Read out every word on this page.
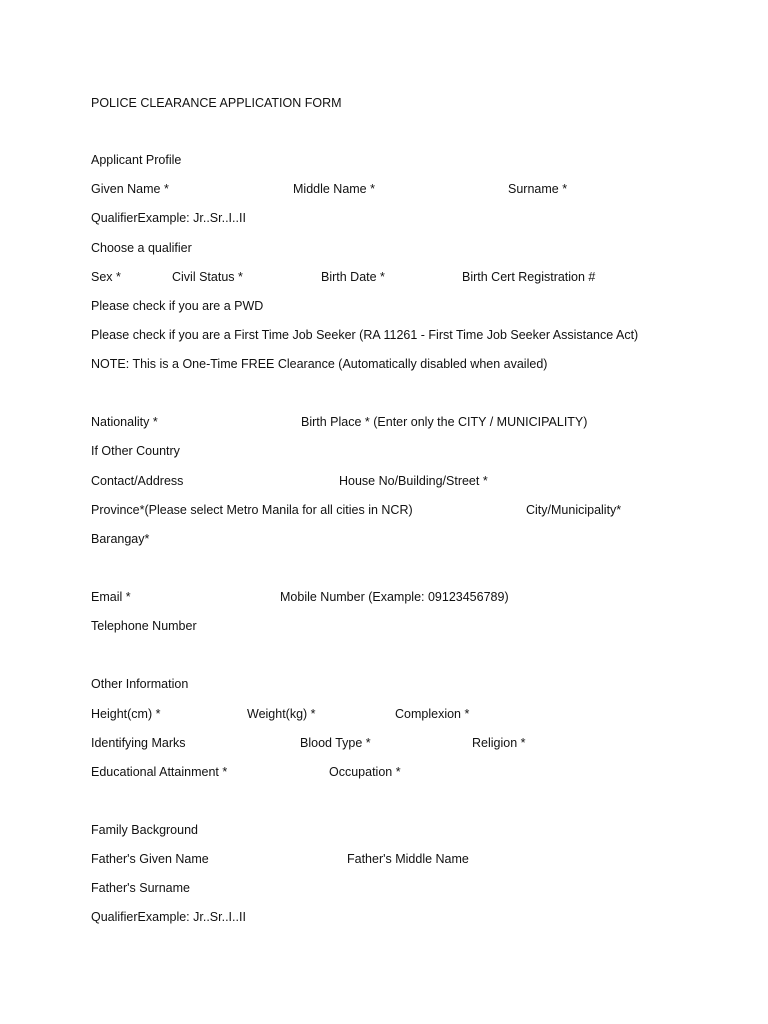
POLICE CLEARANCE APPLICATION FORM
Applicant Profile
Given Name *	Middle Name *	Surname *
QualifierExample: Jr..Sr..I..II
Choose a qualifier
Sex *	Civil Status *	Birth Date *	Birth Cert Registration #
Please check if you are a PWD
Please check if you are a First Time Job Seeker (RA 11261 - First Time Job Seeker Assistance Act)
NOTE: This is a One-Time FREE Clearance (Automatically disabled when availed)
Nationality *	Birth Place * (Enter only the CITY / MUNICIPALITY)
If Other Country
Contact/Address	House No/Building/Street *
Province*(Please select Metro Manila for all cities in NCR)	City/Municipality*
Barangay*
Email *	Mobile Number (Example: 09123456789)
Telephone Number
Other Information
Height(cm) *	Weight(kg) *	Complexion *
Identifying Marks	Blood Type *	Religion *
Educational Attainment *	Occupation *
Family Background
Father's Given Name	Father's Middle Name
Father's Surname
QualifierExample: Jr..Sr..I..II
